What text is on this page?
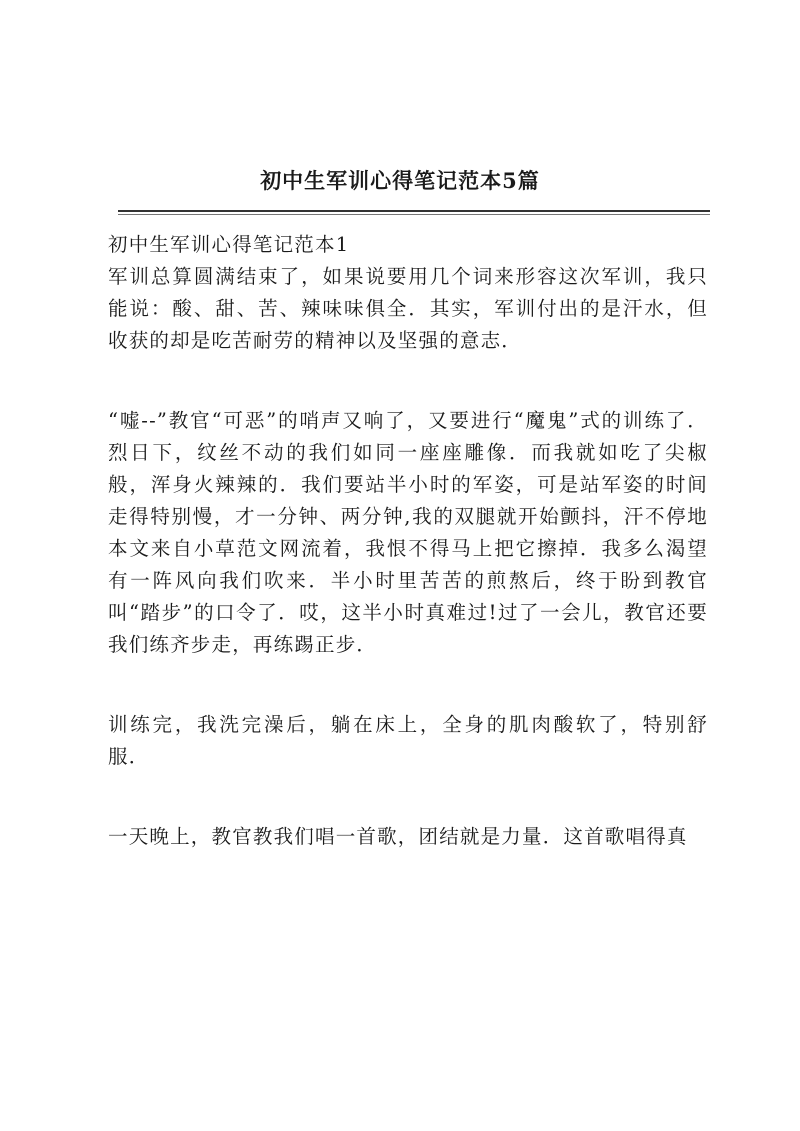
初中生军训心得笔记范本5篇

初中生军训心得笔记范本1

军训总算圆满结束了，如果说要用几个词来形容这次军训，我只能说：酸、甜、苦、辣味味俱全．其实，军训付出的是汗水，但收获的却是吃苦耐劳的精神以及坚强的意志．

“嘘--”教官“可恶”的哨声又响了，又要进行“魔鬼”式的训练了．烈日下，纹丝不动的我们如同一座座雕像．而我就如吃了尖椒般，浑身火辣辣的．我们要站半小时的军姿，可是站军姿的时间走得特别慢，才一分钟、两分钟,我的双腿就开始颤抖，汗不停地本文来自小草范文网流着，我恨不得马上把它擦掉．我多么渴望有一阵风向我们吹来．半小时里苦苦的煎熬后，终于盼到教官叫“踏步”的口令了．哎，这半小时真难过!过了一会儿，教官还要我们练齐步走，再练踢正步．

训练完，我洗完澡后，躺在床上，全身的肌肉酸软了，特别舒服．

一天晚上，教官教我们唱一首歌，团结就是力量．这首歌唱得真
